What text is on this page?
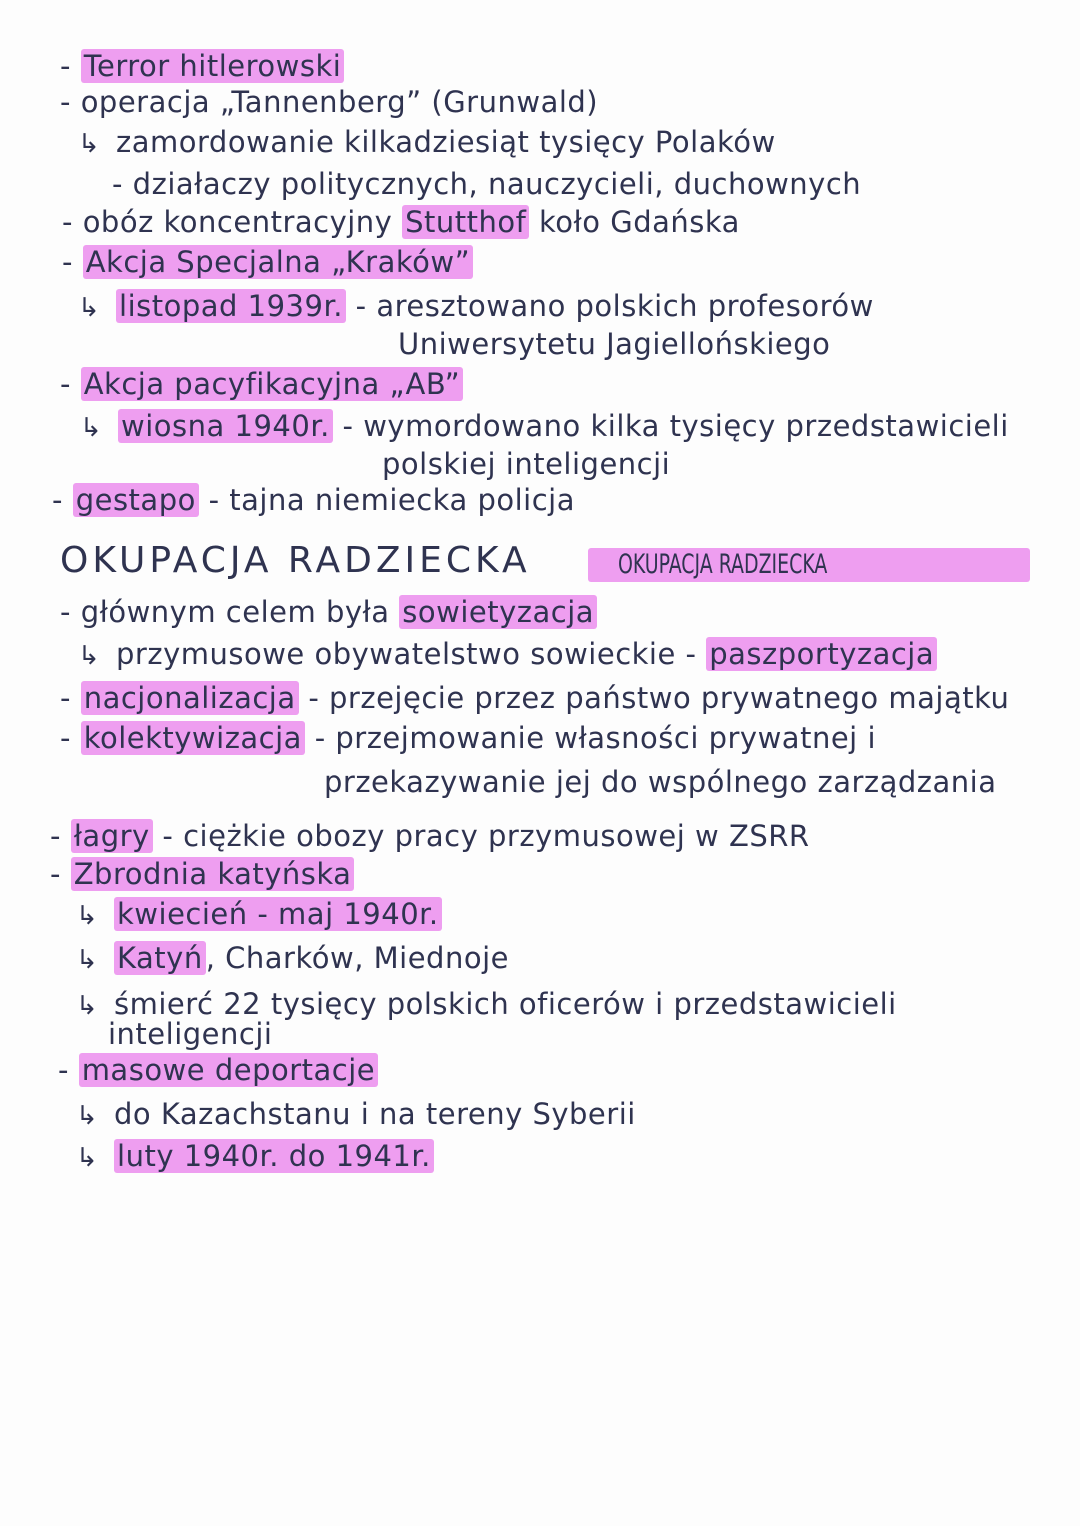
- Terror hitlerowski
- operacja „Tannenberg” (Grunwald)
↳ zamordowanie kilkadziesiąt tysięcy Polaków
- działaczy politycznych, nauczycieli, duchownych
- obóz koncentracyjny Stutthof koło Gdańska
- Akcja Specjalna „Kraków”
↳ listopad 1939r. - aresztowano polskich profesorów
Uniwersytetu Jagiellońskiego
- Akcja pacyfikacyjna „AB”
↳ wiosna 1940r. - wymordowano kilka tysięcy przedstawicieli
polskiej inteligencji
- gestapo - tajna niemiecka policja
OKUPACJA RADZIECKA	OKUPACJA RADZIECKA
- głównym celem była sowietyzacja
↳ przymusowe obywatelstwo sowieckie - paszportyzacja
- nacjonalizacja - przejęcie przez państwo prywatnego majątku
- kolektywizacja - przejmowanie własności prywatnej i
przekazywanie jej do wspólnego zarządzania
- łagry - ciężkie obozy pracy przymusowej w ZSRR
- Zbrodnia katyńska
↳ kwiecień - maj 1940r.
↳ Katyń , Charków, Miednoje
↳ śmierć 22 tysięcy polskich oficerów i przedstawicieli
inteligencji
- masowe deportacje
↳ do Kazachstanu i na tereny Syberii
↳ luty 1940r. do 1941r.
